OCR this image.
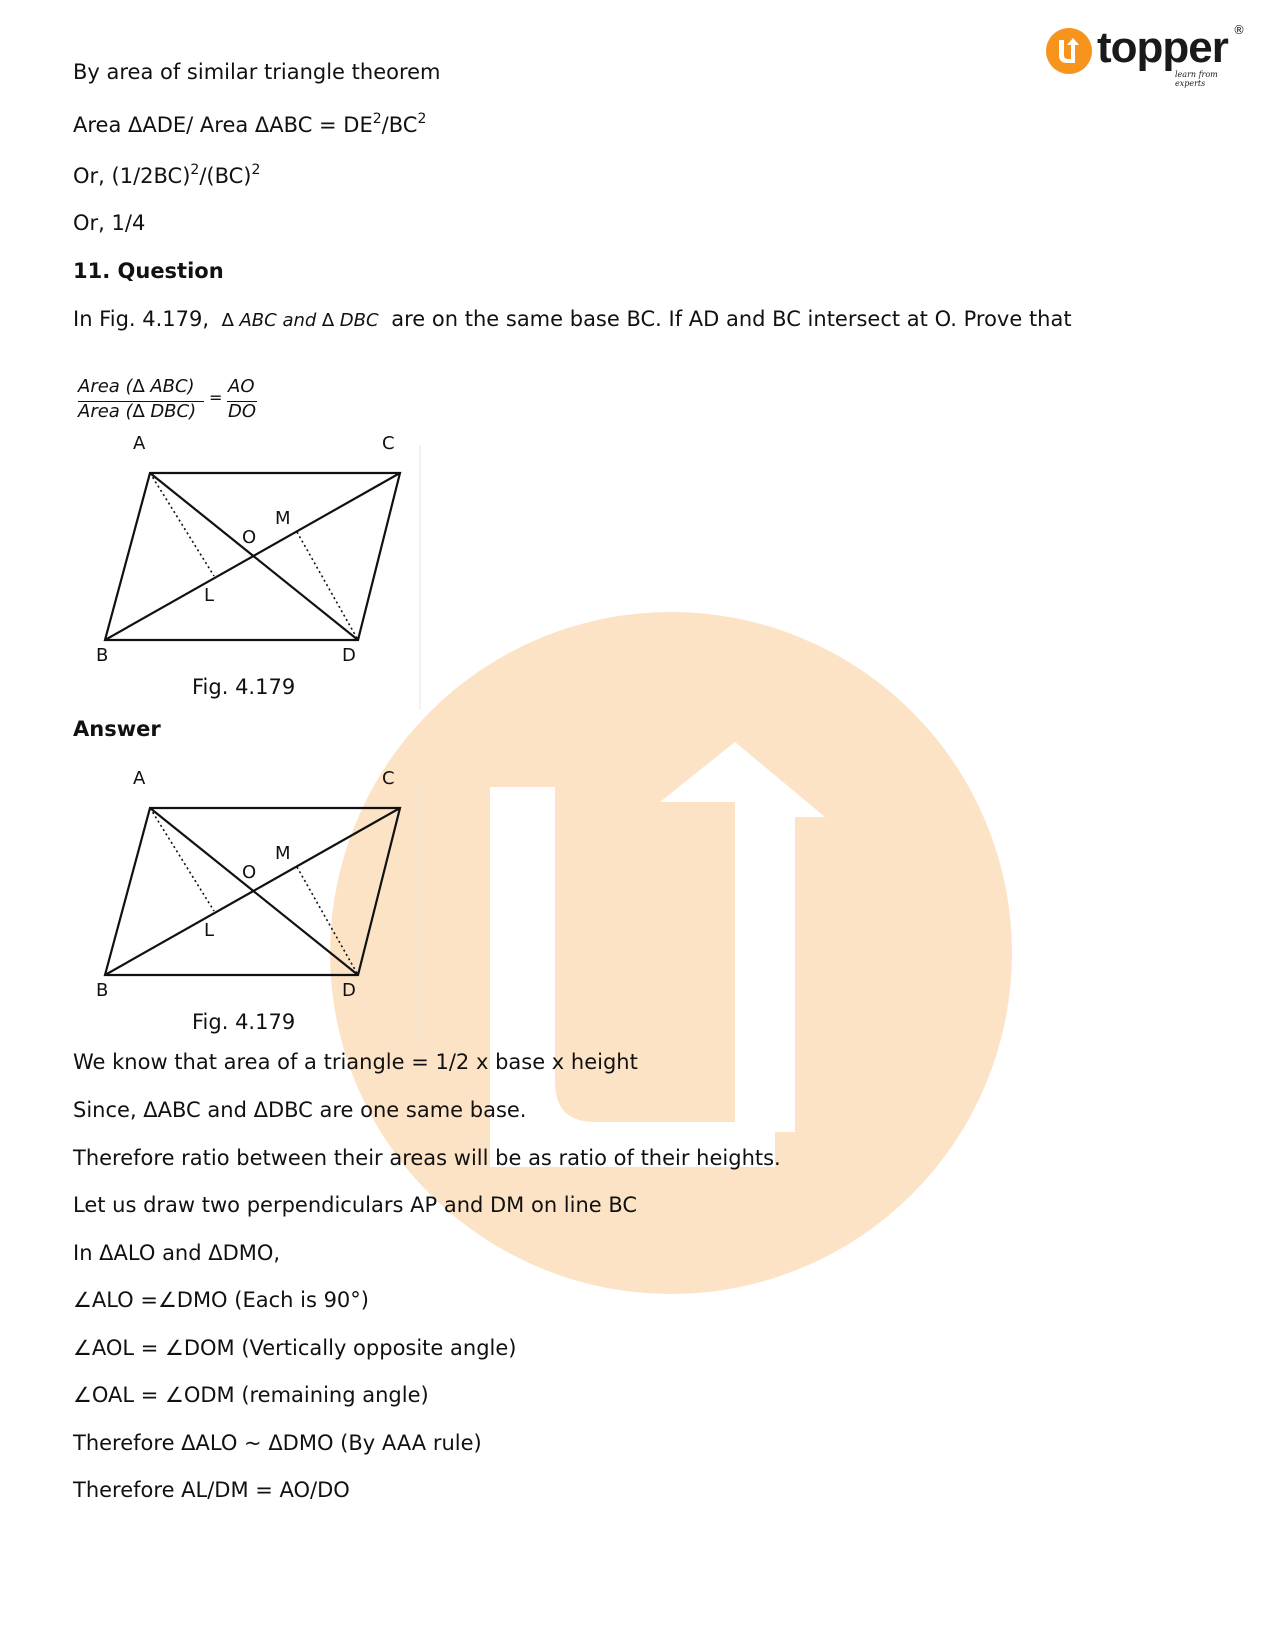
topper ®
learn from experts
By area of similar triangle theorem
Area ΔADE/ Area $\Delta ABC = DE^2/BC^2$
Or, $(1/2BC)^2/(BC)^2$
Or, 1/4
11. Question
In Fig. 4.179, ∆ ABC and ∆ DBC are on the same base BC. If AD and BC intersect at O. Prove that
Area (∆ ABC)
Area (∆ DBC)
=
AO
DO
A	C
B	D
O
M
L
Fig. 4.179
Answer
A	C
B	D
O
M
L
Fig. 4.179
We know that area of a triangle = 1/2 x base x height
Since, ΔABC and ΔDBC are one same base.
Therefore ratio between their areas will be as ratio of their heights.
Let us draw two perpendiculars AP and DM on line BC
In ΔALO and ΔDMO,
∠ALO =∠DMO (Each is 90°)
∠AOL = ∠DOM (Vertically opposite angle)
∠OAL = ∠ODM (remaining angle)
Therefore ΔALO ~ ΔDMO (By AAA rule)
Therefore AL/DM = AO/DO
